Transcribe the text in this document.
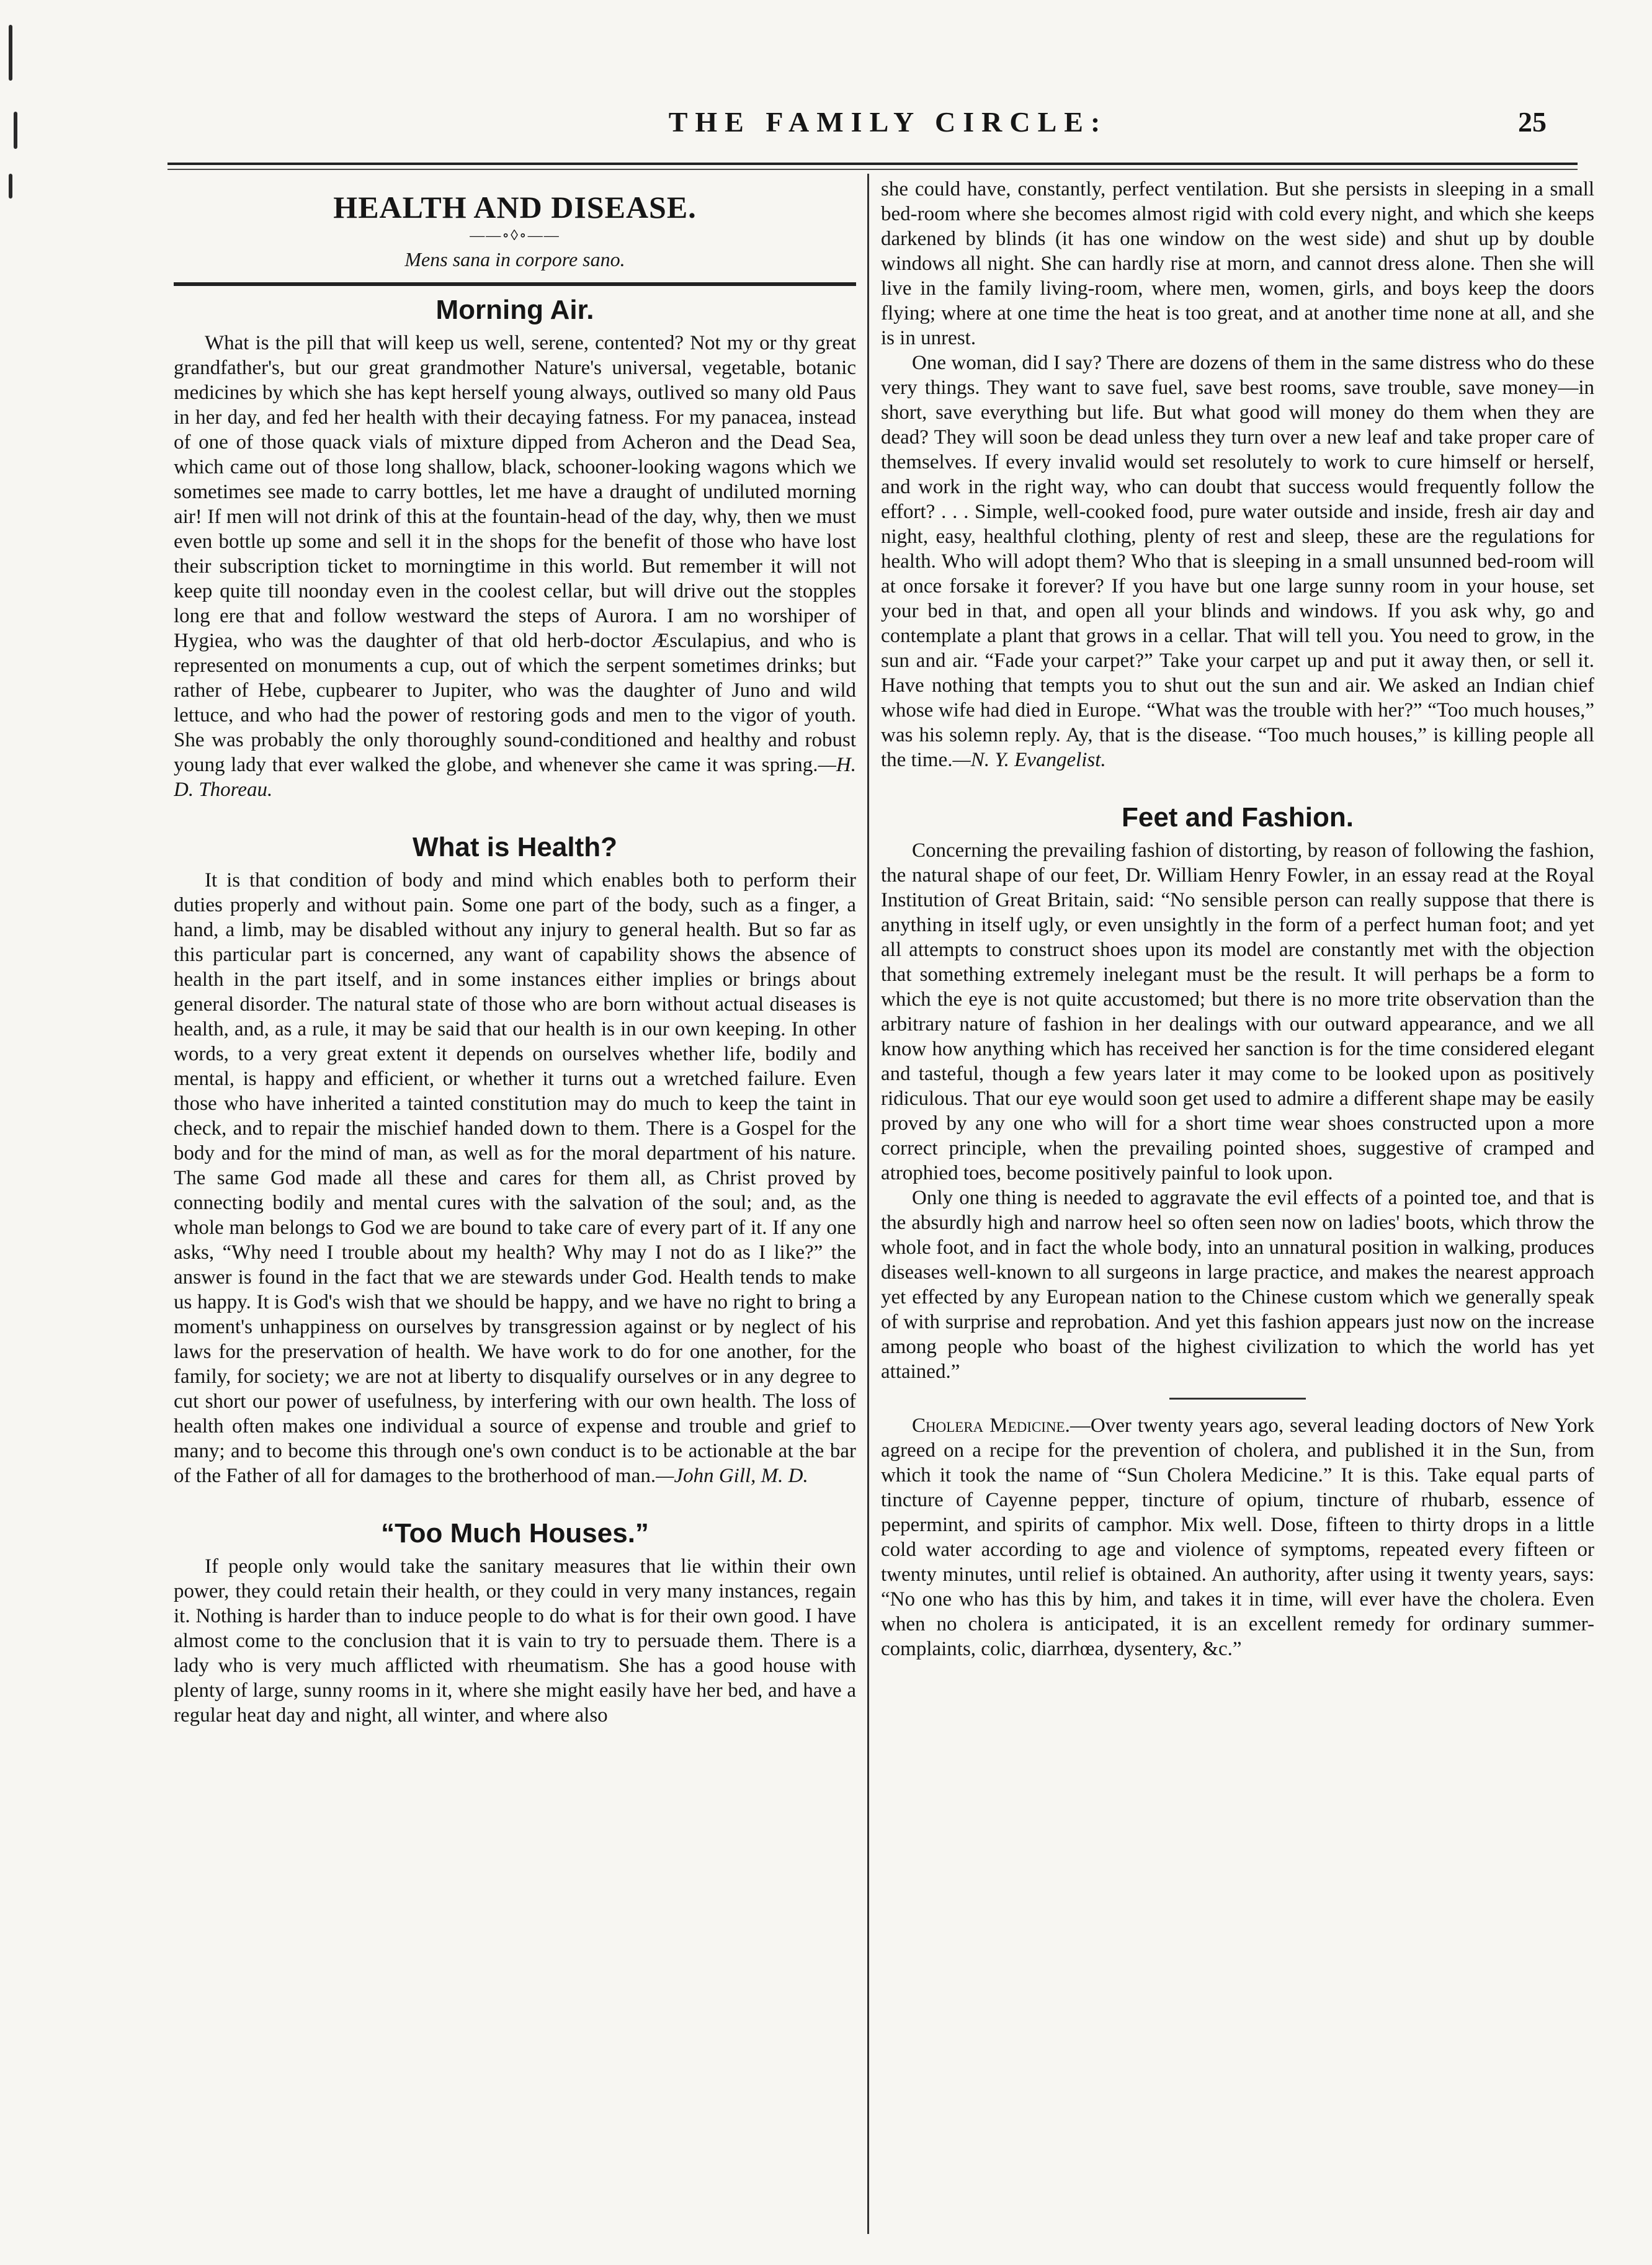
THE FAMILY CIRCLE:	25
HEALTH AND DISEASE.
——∘◊∘——
Mens sana in corpore sano.
Morning Air.

What is the pill that will keep us well, serene, contented? Not my or thy great grandfather's, but our great grandmother Nature's universal, vegetable, botanic medicines by which she has kept herself young always, outlived so many old Paus in her day, and fed her health with their decaying fatness. For my panacea, instead of one of those quack vials of mixture dipped from Acheron and the Dead Sea, which came out of those long shallow, black, schooner-looking wagons which we sometimes see made to carry bottles, let me have a draught of undiluted morning air! If men will not drink of this at the fountain-head of the day, why, then we must even bottle up some and sell it in the shops for the benefit of those who have lost their subscription ticket to morningtime in this world. But remember it will not keep quite till noonday even in the coolest cellar, but will drive out the stopples long ere that and follow westward the steps of Aurora. I am no worshiper of Hygiea, who was the daughter of that old herb-doctor Æsculapius, and who is represented on monuments a cup, out of which the serpent sometimes drinks; but rather of Hebe, cupbearer to Jupiter, who was the daughter of Juno and wild lettuce, and who had the power of restoring gods and men to the vigor of youth. She was probably the only thoroughly sound-conditioned and healthy and robust young lady that ever walked the globe, and whenever she came it was spring.—H. D. Thoreau.

What is Health?

It is that condition of body and mind which enables both to perform their duties properly and without pain. Some one part of the body, such as a finger, a hand, a limb, may be disabled without any injury to general health. But so far as this particular part is concerned, any want of capability shows the absence of health in the part itself, and in some instances either implies or brings about general disorder. The natural state of those who are born without actual diseases is health, and, as a rule, it may be said that our health is in our own keeping. In other words, to a very great extent it depends on ourselves whether life, bodily and mental, is happy and efficient, or whether it turns out a wretched failure. Even those who have inherited a tainted constitution may do much to keep the taint in check, and to repair the mischief handed down to them. There is a Gospel for the body and for the mind of man, as well as for the moral department of his nature. The same God made all these and cares for them all, as Christ proved by connecting bodily and mental cures with the salvation of the soul; and, as the whole man belongs to God we are bound to take care of every part of it. If any one asks, “Why need I trouble about my health? Why may I not do as I like?” the answer is found in the fact that we are stewards under God. Health tends to make us happy. It is God's wish that we should be happy, and we have no right to bring a moment's unhappiness on ourselves by transgression against or by neglect of his laws for the preservation of health. We have work to do for one another, for the family, for society; we are not at liberty to disqualify ourselves or in any degree to cut short our power of usefulness, by interfering with our own health. The loss of health often makes one individual a source of expense and trouble and grief to many; and to become this through one's own conduct is to be actionable at the bar of the Father of all for damages to the brotherhood of man.—John Gill, M. D.

“Too Much Houses.”

If people only would take the sanitary measures that lie within their own power, they could retain their health, or they could in very many instances, regain it. Nothing is harder than to induce people to do what is for their own good. I have almost come to the conclusion that it is vain to try to persuade them. There is a lady who is very much afflicted with rheumatism. She has a good house with plenty of large, sunny rooms in it, where she might easily have her bed, and have a regular heat day and night, all winter, and where also

she could have, constantly, perfect ventilation. But she persists in sleeping in a small bed-room where she becomes almost rigid with cold every night, and which she keeps darkened by blinds (it has one window on the west side) and shut up by double windows all night. She can hardly rise at morn, and cannot dress alone. Then she will live in the family living-room, where men, women, girls, and boys keep the doors flying; where at one time the heat is too great, and at another time none at all, and she is in unrest.

One woman, did I say? There are dozens of them in the same distress who do these very things. They want to save fuel, save best rooms, save trouble, save money—in short, save everything but life. But what good will money do them when they are dead? They will soon be dead unless they turn over a new leaf and take proper care of themselves. If every invalid would set resolutely to work to cure himself or herself, and work in the right way, who can doubt that success would frequently follow the effort? . . . Simple, well-cooked food, pure water outside and inside, fresh air day and night, easy, healthful clothing, plenty of rest and sleep, these are the regulations for health. Who will adopt them? Who that is sleeping in a small unsunned bed-room will at once forsake it forever? If you have but one large sunny room in your house, set your bed in that, and open all your blinds and windows. If you ask why, go and contemplate a plant that grows in a cellar. That will tell you. You need to grow, in the sun and air. “Fade your carpet?” Take your carpet up and put it away then, or sell it. Have nothing that tempts you to shut out the sun and air. We asked an Indian chief whose wife had died in Europe. “What was the trouble with her?” “Too much houses,” was his solemn reply. Ay, that is the disease. “Too much houses,” is killing people all the time.—N. Y. Evangelist.

Feet and Fashion.

Concerning the prevailing fashion of distorting, by reason of following the fashion, the natural shape of our feet, Dr. William Henry Fowler, in an essay read at the Royal Institution of Great Britain, said: “No sensible person can really suppose that there is anything in itself ugly, or even unsightly in the form of a perfect human foot; and yet all attempts to construct shoes upon its model are constantly met with the objection that something extremely inelegant must be the result. It will perhaps be a form to which the eye is not quite accustomed; but there is no more trite observation than the arbitrary nature of fashion in her dealings with our outward appearance, and we all know how anything which has received her sanction is for the time considered elegant and tasteful, though a few years later it may come to be looked upon as positively ridiculous. That our eye would soon get used to admire a different shape may be easily proved by any one who will for a short time wear shoes constructed upon a more correct principle, when the prevailing pointed shoes, suggestive of cramped and atrophied toes, become positively painful to look upon.

Only one thing is needed to aggravate the evil effects of a pointed toe, and that is the absurdly high and narrow heel so often seen now on ladies' boots, which throw the whole foot, and in fact the whole body, into an unnatural position in walking, produces diseases well-known to all surgeons in large practice, and makes the nearest approach yet effected by any European nation to the Chinese custom which we generally speak of with surprise and reprobation. And yet this fashion appears just now on the increase among people who boast of the highest civilization to which the world has yet attained.”

Cholera Medicine.—Over twenty years ago, several leading doctors of New York agreed on a recipe for the prevention of cholera, and published it in the Sun, from which it took the name of “Sun Cholera Medicine.” It is this. Take equal parts of tincture of Cayenne pepper, tincture of opium, tincture of rhubarb, essence of pepermint, and spirits of camphor. Mix well. Dose, fifteen to thirty drops in a little cold water according to age and violence of symptoms, repeated every fifteen or twenty minutes, until relief is obtained. An authority, after using it twenty years, says: “No one who has this by him, and takes it in time, will ever have the cholera. Even when no cholera is anticipated, it is an excellent remedy for ordinary summer-complaints, colic, diarrhœa, dysentery, &c.”
